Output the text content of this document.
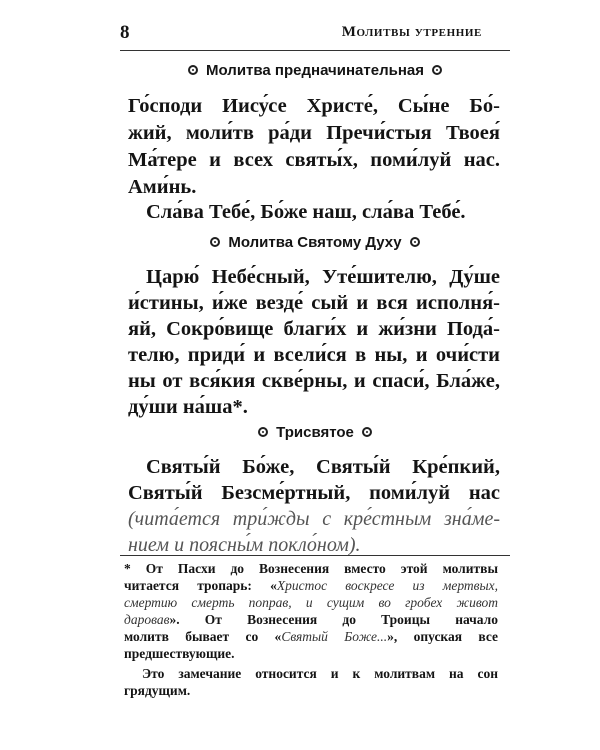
8	молитвы утренние
Молитва предначинательная
Го́споди Иису́се Христе́, Сы́не Бо́-
жий, моли́тв ра́ди Пречи́стыя Твоея́
Ма́тере и всех святы́х, поми́луй нас.
Ами́нь.
Сла́ва Тебе́, Бо́же наш, сла́ва Тебе́.
Молитва Святому Духу
Царю́ Небе́сный, Уте́шителю, Ду́ше
и́стины, и́же везде́ сый и вся исполня́-
яй, Сокро́вище благи́х и жи́зни Пода́-
телю, приди́ и всели́ся в ны, и очи́сти
ны от вся́кия скве́рны, и спаси́, Бла́же,
ду́ши на́ша*.
Трисвятое
Святы́й Бо́же, Святы́й Кре́пкий,
Святы́й Безсме́ртный, поми́луй нас
(чита́ется три́жды с кре́стным зна́ме-
нием и поясны́м покло́ном).
* От Пасхи до Вознесения вместо этой молитвы
читается тропарь: «Христос воскресе из мертвых,
смертию смерть поправ, и сущим во гробех живот
даровав». От Вознесения до Троицы начало
молитв бывает со «Святый Боже...», опуская все
предшествующие.
Это замечание относится и к молитвам на сон
грядущим.
